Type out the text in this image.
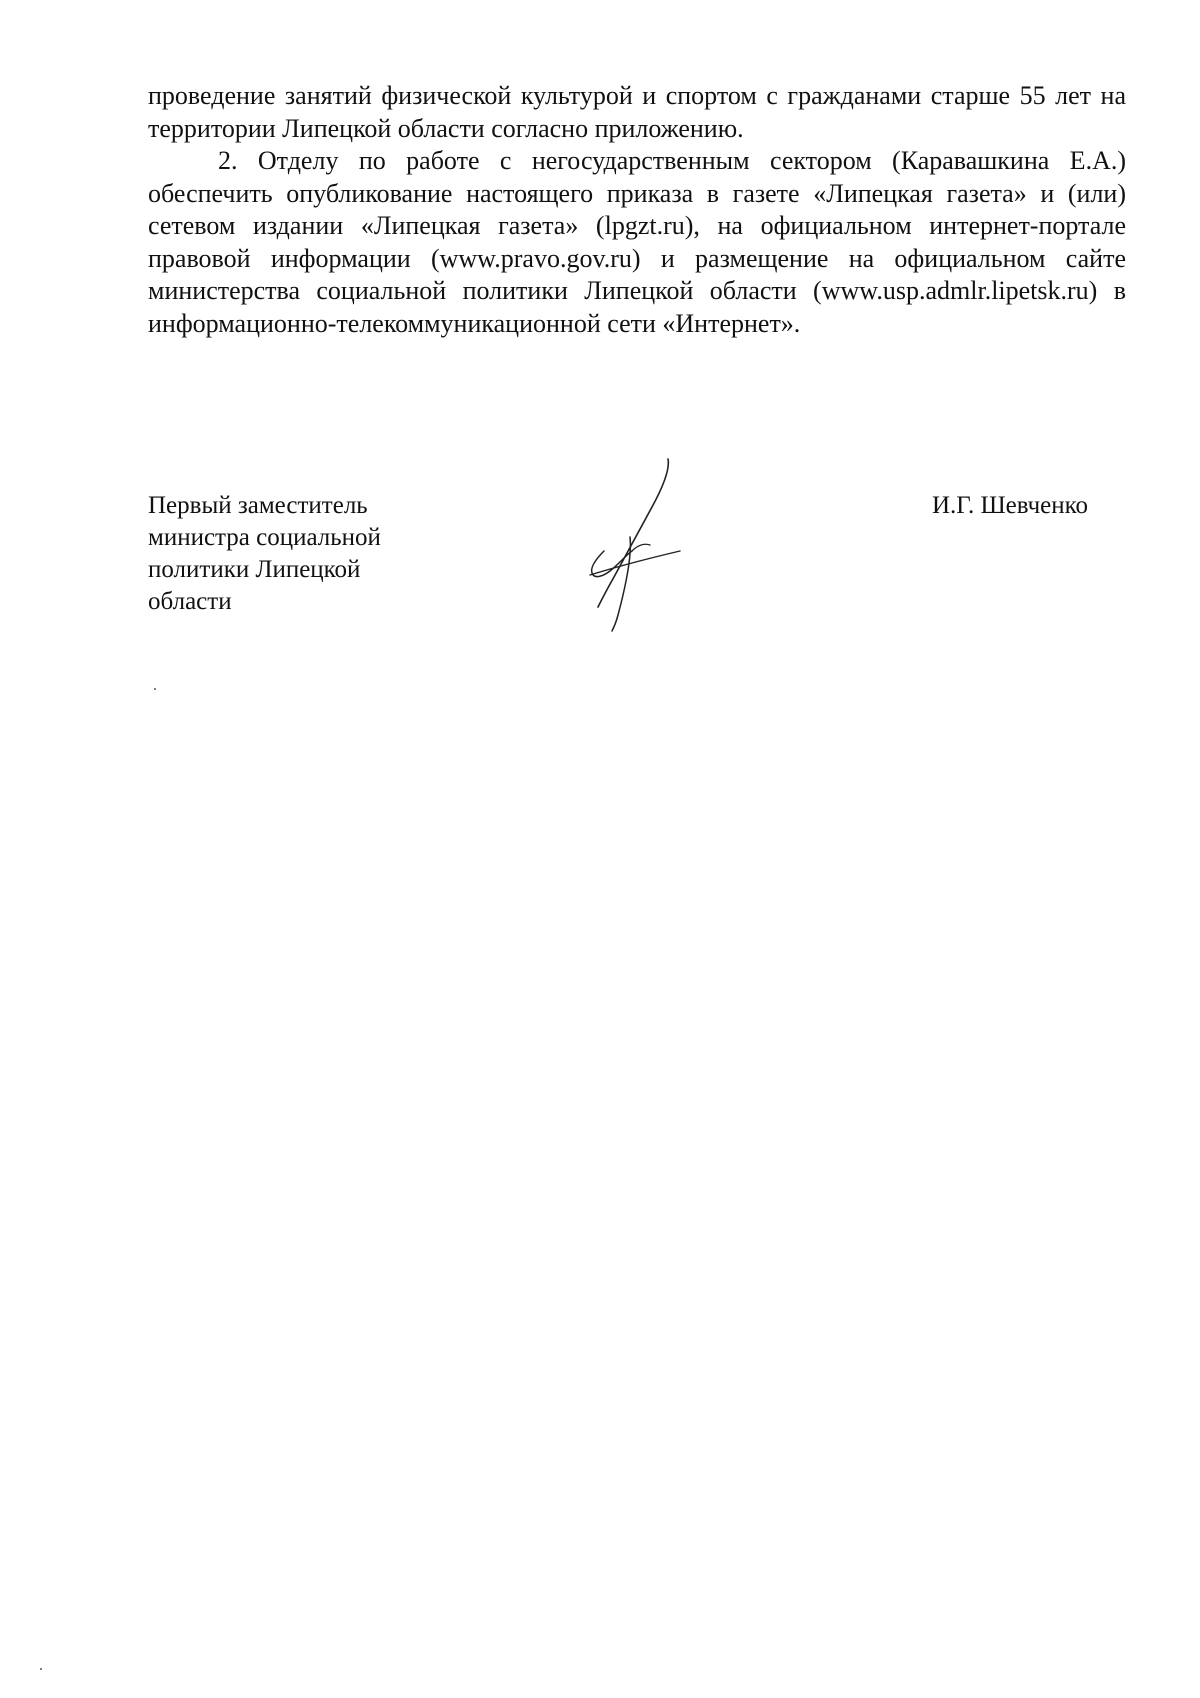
проведение занятий физической культурой и спортом с гражданами старше 55 лет на территории Липецкой области согласно приложению.

2. Отделу по работе с негосударственным сектором (Каравашкина Е.А.) обеспечить опубликование настоящего приказа в газете «Липецкая газета» и (или) сетевом издании «Липецкая газета» (lpgzt.ru), на официальном интернет-портале правовой информации (www.pravo.gov.ru) и размещение на официальном сайте министерства социальной политики Липецкой области (www.usp.admlr.lipetsk.ru) в информационно-телекоммуникационной сети «Интернет».

Первый заместитель
министра социальной
политики Липецкой
области
И.Г. Шевченко
